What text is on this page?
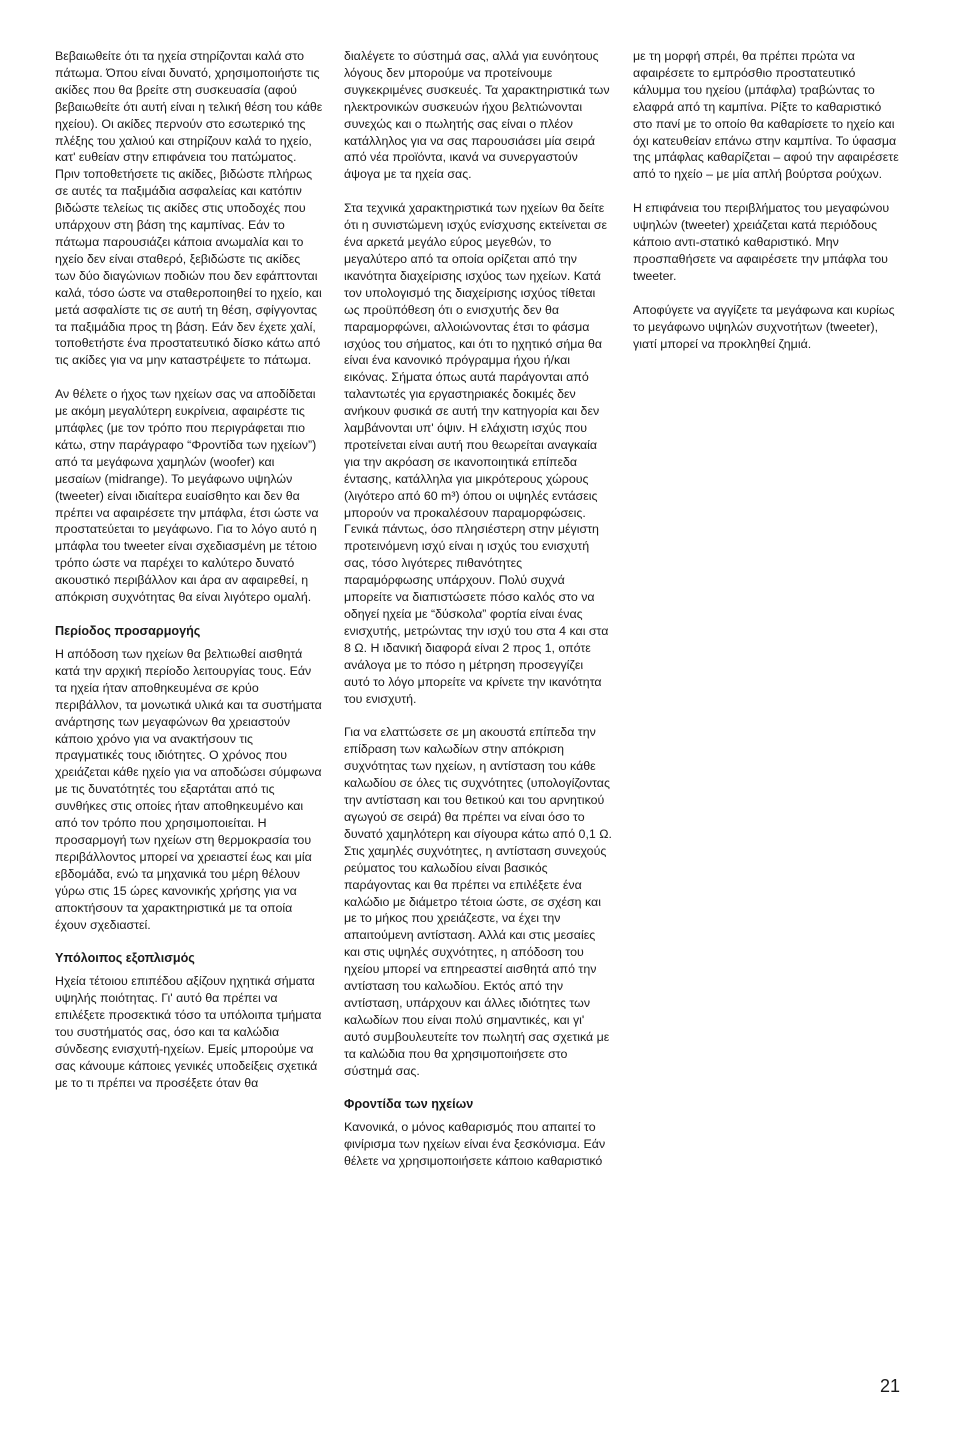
Βεβαιωθείτε ότι τα ηχεία στηρίζονται καλά στο πάτωμα. Όπου είναι δυνατό, χρησιμοποιήστε τις ακίδες που θα βρείτε στη συσκευασία (αφού βεβαιωθείτε ότι αυτή είναι η τελική θέση του κάθε ηχείου). Οι ακίδες περνούν στο εσωτερικό της πλέξης του χαλιού και στηρίζουν καλά το ηχείο, κατ' ευθείαν στην επιφάνεια του πατώματος. Πριν τοποθετήσετε τις ακίδες, βιδώστε πλήρως σε αυτές τα παξιμάδια ασφαλείας και κατόπιν βιδώστε τελείως τις ακίδες στις υποδοχές που υπάρχουν στη βάση της καμπίνας. Εάν το πάτωμα παρουσιάζει κάποια ανωμαλία και το ηχείο δεν είναι σταθερό, ξεβιδώστε τις ακίδες των δύο διαγώνιων ποδιών που δεν εφάπτονται καλά, τόσο ώστε να σταθεροποιηθεί το ηχείο, και μετά ασφαλίστε τις σε αυτή τη θέση, σφίγγοντας τα παξιμάδια προς τη βάση. Εάν δεν έχετε χαλί, τοποθετήστε ένα προστατευτικό δίσκο κάτω από τις ακίδες για να μην καταστρέψετε το πάτωμα.

Αν θέλετε ο ήχος των ηχείων σας να αποδίδεται με ακόμη μεγαλύτερη ευκρίνεια, αφαιρέστε τις μπάφλες (με τον τρόπο που περιγράφεται πιο κάτω, στην παράγραφο “Φροντίδα των ηχείων”) από τα μεγάφωνα χαμηλών (woofer) και μεσαίων (midrange). Το μεγάφωνο υψηλών (tweeter) είναι ιδιαίτερα ευαίσθητο και δεν θα πρέπει να αφαιρέσετε την μπάφλα, έτσι ώστε να προστατεύεται το μεγάφωνο. Για το λόγο αυτό η μπάφλα του tweeter είναι σχεδιασμένη με τέτοιο τρόπο ώστε να παρέχει το καλύτερο δυνατό ακουστικό περιβάλλον και άρα αν αφαιρεθεί, η απόκριση συχνότητας θα είναι λιγότερο ομαλή.

Περίοδος προσαρμογής

Η απόδοση των ηχείων θα βελτιωθεί αισθητά κατά την αρχική περίοδο λειτουργίας τους. Εάν τα ηχεία ήταν αποθηκευμένα σε κρύο περιβάλλον, τα μονωτικά υλικά και τα συστήματα ανάρτησης των μεγαφώνων θα χρειαστούν κάποιο χρόνο για να ανακτήσουν τις πραγματικές τους ιδιότητες. Ο χρόνος που χρειάζεται κάθε ηχείο για να αποδώσει σύμφωνα με τις δυνατότητές του εξαρτάται από τις συνθήκες στις οποίες ήταν αποθηκευμένο και από τον τρόπο που χρησιμοποιείται. Η προσαρμογή των ηχείων στη θερμοκρασία του περιβάλλοντος μπορεί να χρειαστεί έως και μία εβδομάδα, ενώ τα μηχανικά του μέρη θέλουν γύρω στις 15 ώρες κανονικής χρήσης για να αποκτήσουν τα χαρακτηριστικά με τα οποία έχουν σχεδιαστεί.

Υπόλοιπος εξοπλισμός

Ηχεία τέτοιου επιπέδου αξίζουν ηχητικά σήματα υψηλής ποιότητας. Γι' αυτό θα πρέπει να επιλέξετε προσεκτικά τόσο τα υπόλοιπα τμήματα του συστήματός σας, όσο και τα καλώδια σύνδεσης ενισχυτή-ηχείων. Εμείς μπορούμε να σας κάνουμε κάποιες γενικές υποδείξεις σχετικά με το τι πρέπει να προσέξετε όταν θα

διαλέγετε το σύστημά σας, αλλά για ευνόητους λόγους δεν μπορούμε να προτείνουμε συγκεκριμένες συσκευές. Τα χαρακτηριστικά των ηλεκτρονικών συσκευών ήχου βελτιώνονται συνεχώς και ο πωλητής σας είναι ο πλέον κατάλληλος για να σας παρουσιάσει μία σειρά από νέα προϊόντα, ικανά να συνεργαστούν άψογα με τα ηχεία σας.

Στα τεχνικά χαρακτηριστικά των ηχείων θα δείτε ότι η συνιστώμενη ισχύς ενίσχυσης εκτείνεται σε ένα αρκετά μεγάλο εύρος μεγεθών, το μεγαλύτερο από τα οποία ορίζεται από την ικανότητα διαχείρισης ισχύος των ηχείων. Κατά τον υπολογισμό της διαχείρισης ισχύος τίθεται ως προϋπόθεση ότι ο ενισχυτής δεν θα παραμορφώνει, αλλοιώνοντας έτσι το φάσμα ισχύος του σήματος, και ότι το ηχητικό σήμα θα είναι ένα κανονικό πρόγραμμα ήχου ή/και εικόνας. Σήματα όπως αυτά παράγονται από ταλαντωτές για εργαστηριακές δοκιμές δεν ανήκουν φυσικά σε αυτή την κατηγορία και δεν λαμβάνονται υπ' όψιν. Η ελάχιστη ισχύς που προτείνεται είναι αυτή που θεωρείται αναγκαία για την ακρόαση σε ικανοποιητικά επίπεδα έντασης, κατάλληλα για μικρότερους χώρους (λιγότερο από 60 m³) όπου οι υψηλές εντάσεις μπορούν να προκαλέσουν παραμορφώσεις. Γενικά πάντως, όσο πλησιέστερη στην μέγιστη προτεινόμενη ισχύ είναι η ισχύς του ενισχυτή σας, τόσο λιγότερες πιθανότητες παραμόρφωσης υπάρχουν. Πολύ συχνά μπορείτε να διαπιστώσετε πόσο καλός στο να οδηγεί ηχεία με “δύσκολα” φορτία είναι ένας ενισχυτής, μετρώντας την ισχύ του στα 4 και στα 8 Ω. Η ιδανική διαφορά είναι 2 προς 1, οπότε ανάλογα με το πόσο η μέτρηση προσεγγίζει αυτό το λόγο μπορείτε να κρίνετε την ικανότητα του ενισχυτή.

Για να ελαττώσετε σε μη ακουστά επίπεδα την επίδραση των καλωδίων στην απόκριση συχνότητας των ηχείων, η αντίσταση του κάθε καλωδίου σε όλες τις συχνότητες (υπολογίζοντας την αντίσταση και του θετικού και του αρνητικού αγωγού σε σειρά) θα πρέπει να είναι όσο το δυνατό χαμηλότερη και σίγουρα κάτω από 0,1 Ω. Στις χαμηλές συχνότητες, η αντίσταση συνεχούς ρεύματος του καλωδίου είναι βασικός παράγοντας και θα πρέπει να επιλέξετε ένα καλώδιο με διάμετρο τέτοια ώστε, σε σχέση και με το μήκος που χρειάζεστε, να έχει την απαιτούμενη αντίσταση. Αλλά και στις μεσαίες και στις υψηλές συχνότητες, η απόδοση του ηχείου μπορεί να επηρεαστεί αισθητά από την αντίσταση του καλωδίου. Εκτός από την αντίσταση, υπάρχουν και άλλες ιδιότητες των καλωδίων που είναι πολύ σημαντικές, και γι' αυτό συμβουλευτείτε τον πωλητή σας σχετικά με τα καλώδια που θα χρησιμοποιήσετε στο σύστημά σας.

Φροντίδα των ηχείων

Κανονικά, ο μόνος καθαρισμός που απαιτεί το φινίρισμα των ηχείων είναι ένα ξεσκόνισμα. Εάν θέλετε να χρησιμοποιήσετε κάποιο καθαριστικό

με τη μορφή σπρέι, θα πρέπει πρώτα να αφαιρέσετε το εμπρόσθιο προστατευτικό κάλυμμα του ηχείου (μπάφλα) τραβώντας το ελαφρά από τη καμπίνα. Ρίξτε το καθαριστικό στο πανί με το οποίο θα καθαρίσετε το ηχείο και όχι κατευθείαν επάνω στην καμπίνα. Το ύφασμα της μπάφλας καθαρίζεται – αφού την αφαιρέσετε από το ηχείο – με μία απλή βούρτσα ρούχων.

Η επιφάνεια του περιβλήματος του μεγαφώνου υψηλών (tweeter) χρειάζεται κατά περιόδους κάποιο αντι-στατικό καθαριστικό. Μην προσπαθήσετε να αφαιρέσετε την μπάφλα του tweeter.

Αποφύγετε να αγγίζετε τα μεγάφωνα και κυρίως το μεγάφωνο υψηλών συχνοτήτων (tweeter), γιατί μπορεί να προκληθεί ζημιά.

21
